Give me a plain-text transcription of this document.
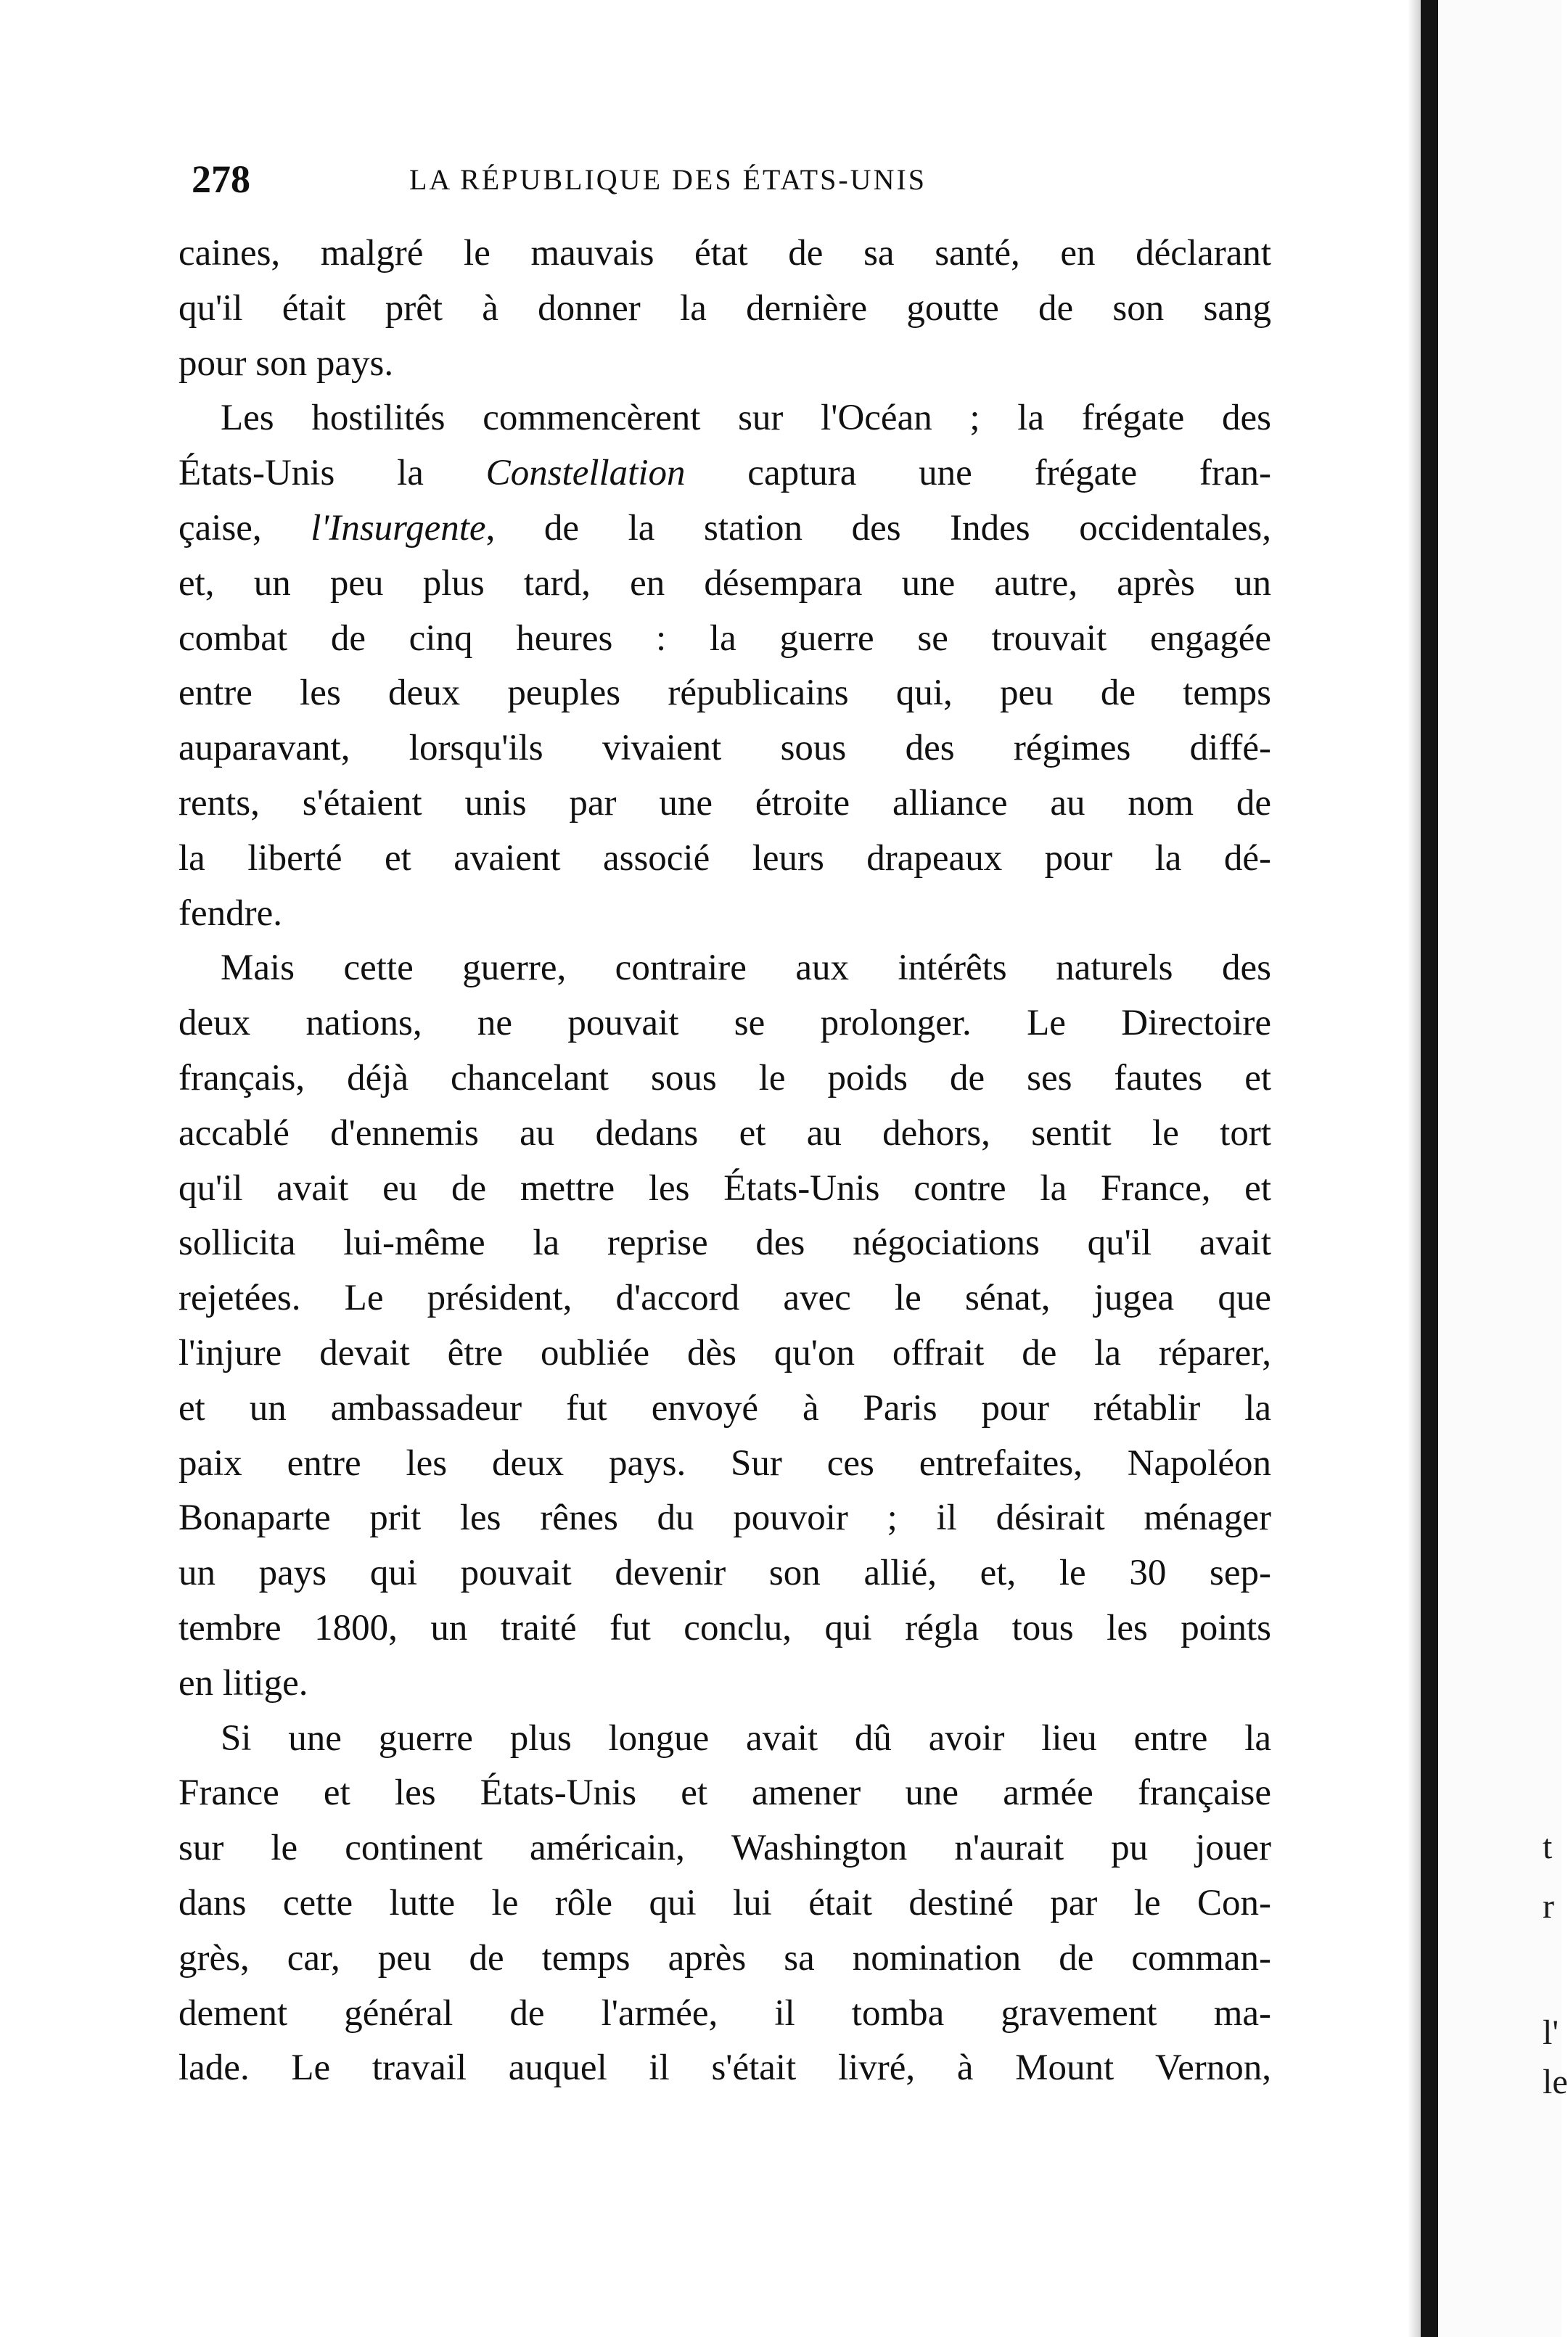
278	LA RÉPUBLIQUE DES ÉTATS-UNIS
caines, malgré le mauvais état de sa santé, en déclarant
qu'il était prêt à donner la dernière goutte de son sang
pour son pays.
Les hostilités commencèrent sur l'Océan ; la frégate des
États-Unis la Constellation captura une frégate fran-
çaise, l'Insurgente, de la station des Indes occidentales,
et, un peu plus tard, en désempara une autre, après un
combat de cinq heures : la guerre se trouvait engagée
entre les deux peuples républicains qui, peu de temps
auparavant, lorsqu'ils vivaient sous des régimes diffé-
rents, s'étaient unis par une étroite alliance au nom de
la liberté et avaient associé leurs drapeaux pour la dé-
fendre.
Mais cette guerre, contraire aux intérêts naturels des
deux nations, ne pouvait se prolonger. Le Directoire
français, déjà chancelant sous le poids de ses fautes et
accablé d'ennemis au dedans et au dehors, sentit le tort
qu'il avait eu de mettre les États-Unis contre la France, et
sollicita lui-même la reprise des négociations qu'il avait
rejetées. Le président, d'accord avec le sénat, jugea que
l'injure devait être oubliée dès qu'on offrait de la réparer,
et un ambassadeur fut envoyé à Paris pour rétablir la
paix entre les deux pays. Sur ces entrefaites, Napoléon
Bonaparte prit les rênes du pouvoir ; il désirait ménager
un pays qui pouvait devenir son allié, et, le 30 sep-
tembre 1800, un traité fut conclu, qui régla tous les points
en litige.
Si une guerre plus longue avait dû avoir lieu entre la
France et les États-Unis et amener une armée française
sur le continent américain, Washington n'aurait pu jouer
dans cette lutte le rôle qui lui était destiné par le Con-
grès, car, peu de temps après sa nomination de comman-
dement général de l'armée, il tomba gravement ma-
lade. Le travail auquel il s'était livré, à Mount Vernon,
t
r
l'
le
